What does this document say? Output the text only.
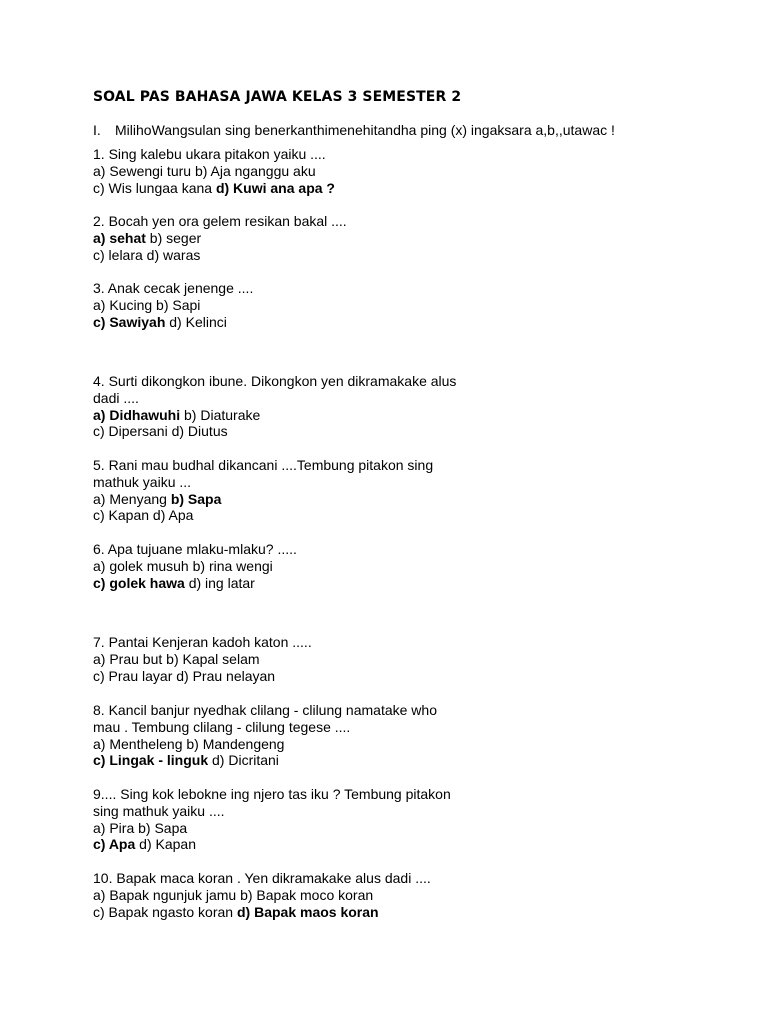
SOAL PAS BAHASA JAWA KELAS 3 SEMESTER 2
I. MilihoWangsulan sing benerkanthimenehitandha ping (x) ingaksara a,b,,utawac !
1. Sing kalebu ukara pitakon yaiku ....
a) Sewengi turu b) Aja nganggu aku
c) Wis lungaa kana d) Kuwi ana apa ?
2. Bocah yen ora gelem resikan bakal ....
a) sehat b) seger
c) lelara d) waras
3. Anak cecak jenenge ....
a) Kucing b) Sapi
c) Sawiyah d) Kelinci
4. Surti dikongkon ibune. Dikongkon yen dikramakake alus
dadi ....
a) Didhawuhi b) Diaturake
c) Dipersani d) Diutus
5. Rani mau budhal dikancani ....Tembung pitakon sing
mathuk yaiku ...
a) Menyang b) Sapa
c) Kapan d) Apa
6. Apa tujuane mlaku-mlaku? .....
a) golek musuh b) rina wengi
c) golek hawa d) ing latar
7. Pantai Kenjeran kadoh katon .....
a) Prau but b) Kapal selam
c) Prau layar d) Prau nelayan
8. Kancil banjur nyedhak clilang - clilung namatake who
mau . Tembung clilang - clilung tegese ....
a) Mentheleng b) Mandengeng
c) Lingak - linguk d) Dicritani
9.... Sing kok lebokne ing njero tas iku ? Tembung pitakon
sing mathuk yaiku ....
a) Pira b) Sapa
c) Apa d) Kapan
10. Bapak maca koran . Yen dikramakake alus dadi ....
a) Bapak ngunjuk jamu b) Bapak moco koran
c) Bapak ngasto koran d) Bapak maos koran
